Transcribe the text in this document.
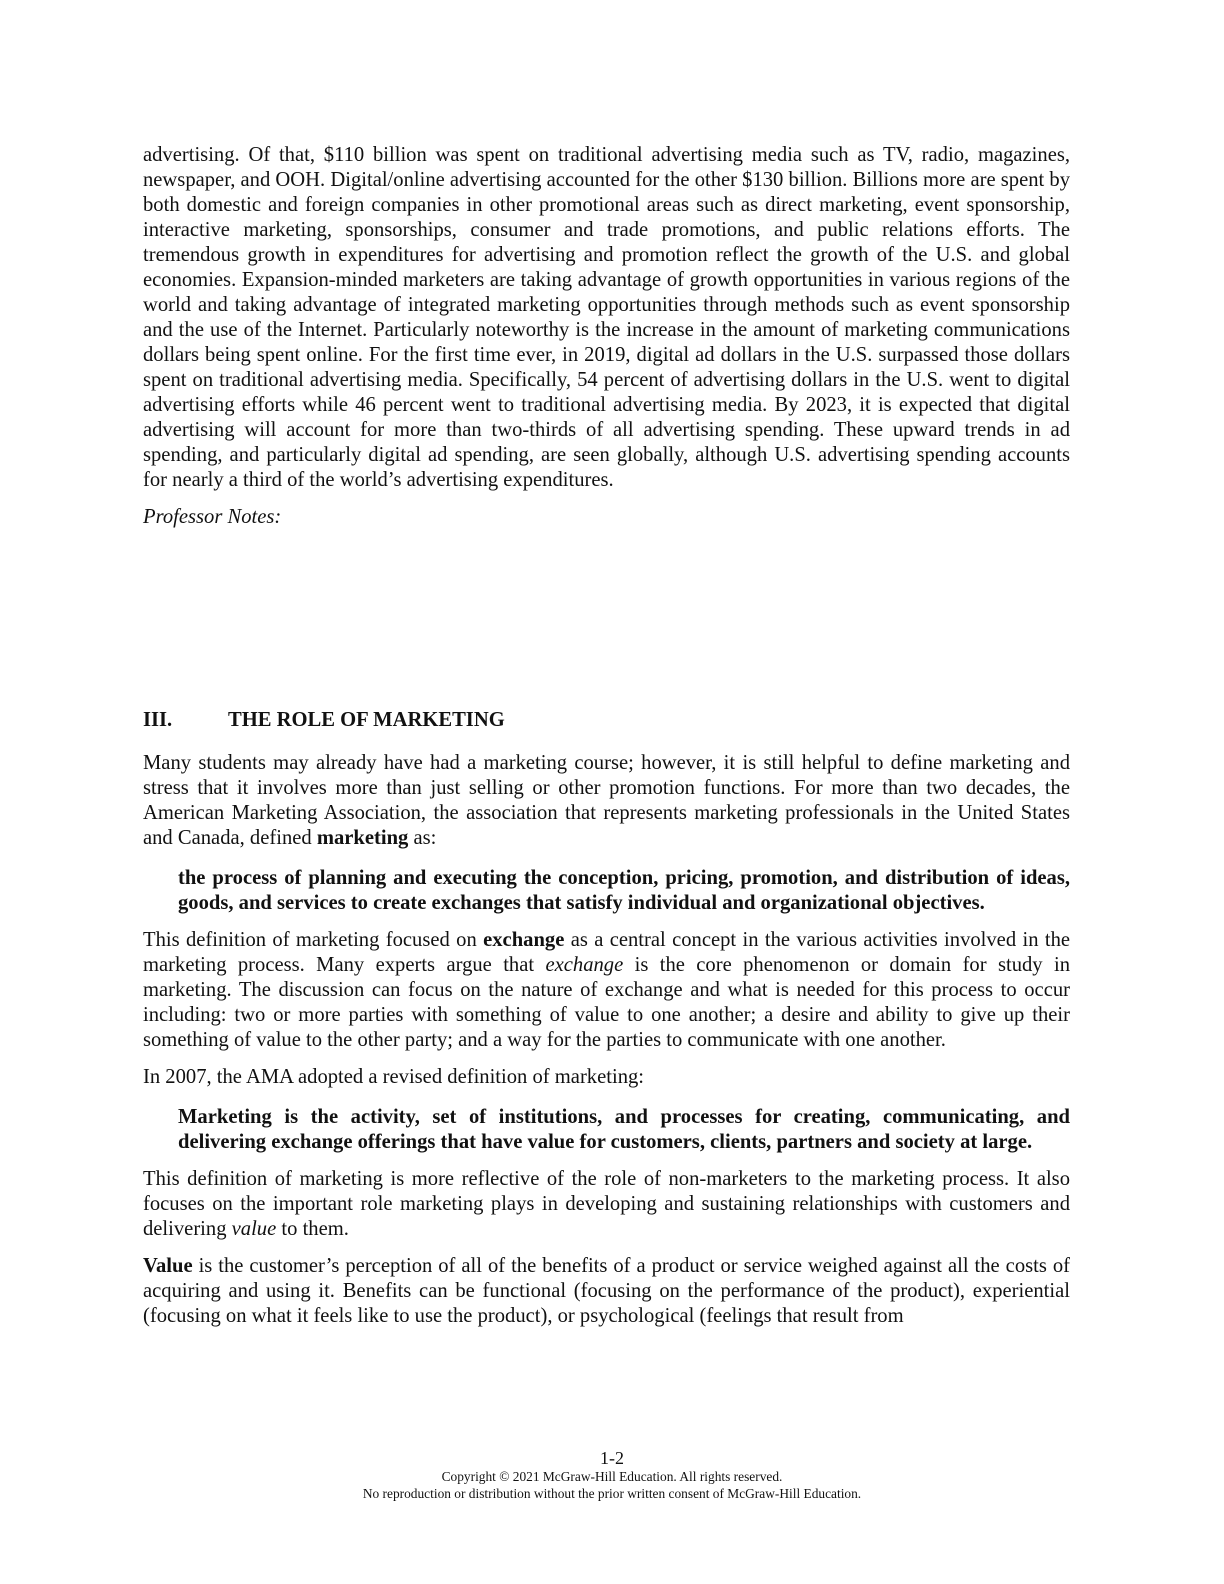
advertising. Of that, $110 billion was spent on traditional advertising media such as TV, radio, magazines, newspaper, and OOH. Digital/online advertising accounted for the other $130 billion. Billions more are spent by both domestic and foreign companies in other promotional areas such as direct marketing, event sponsorship, interactive marketing, sponsorships, consumer and trade promotions, and public relations efforts. The tremendous growth in expenditures for advertising and promotion reflect the growth of the U.S. and global economies. Expansion-minded marketers are taking advantage of growth opportunities in various regions of the world and taking advantage of integrated marketing opportunities through methods such as event sponsorship and the use of the Internet. Particularly noteworthy is the increase in the amount of marketing communications dollars being spent online. For the first time ever, in 2019, digital ad dollars in the U.S. surpassed those dollars spent on traditional advertising media. Specifically, 54 percent of advertising dollars in the U.S. went to digital advertising efforts while 46 percent went to traditional advertising media. By 2023, it is expected that digital advertising will account for more than two-thirds of all advertising spending. These upward trends in ad spending, and particularly digital ad spending, are seen globally, although U.S. advertising spending accounts for nearly a third of the world’s advertising expenditures.

Professor Notes:

III.	THE ROLE OF MARKETING

Many students may already have had a marketing course; however, it is still helpful to define marketing and stress that it involves more than just selling or other promotion functions. For more than two decades, the American Marketing Association, the association that represents marketing professionals in the United States and Canada, defined marketing as:

the process of planning and executing the conception, pricing, promotion, and distribution of ideas, goods, and services to create exchanges that satisfy individual and organizational objectives.

This definition of marketing focused on exchange as a central concept in the various activities involved in the marketing process. Many experts argue that exchange is the core phenomenon or domain for study in marketing. The discussion can focus on the nature of exchange and what is needed for this process to occur including: two or more parties with something of value to one another; a desire and ability to give up their something of value to the other party; and a way for the parties to communicate with one another.

In 2007, the AMA adopted a revised definition of marketing:

Marketing is the activity, set of institutions, and processes for creating, communicating, and delivering exchange offerings that have value for customers, clients, partners and society at large.

This definition of marketing is more reflective of the role of non-marketers to the marketing process. It also focuses on the important role marketing plays in developing and sustaining relationships with customers and delivering value to them.

Value is the customer’s perception of all of the benefits of a product or service weighed against all the costs of acquiring and using it. Benefits can be functional (focusing on the performance of the product), experiential (focusing on what it feels like to use the product), or psychological (feelings that result from

1-2
Copyright © 2021 McGraw-Hill Education. All rights reserved.
No reproduction or distribution without the prior written consent of McGraw-Hill Education.
